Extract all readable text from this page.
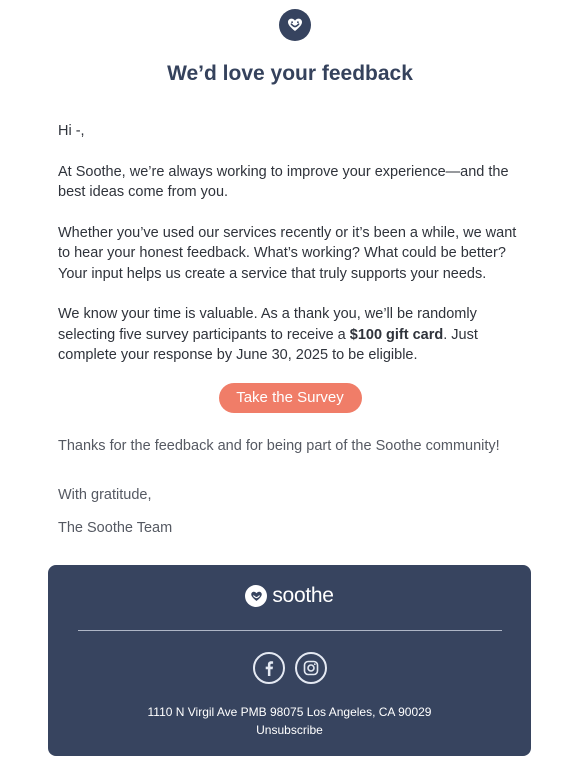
We’d love your feedback

Hi -,

At Soothe, we’re always working to improve your experience—and the best ideas come from you.

Whether you’ve used our services recently or it’s been a while, we want to hear your honest feedback. What’s working? What could be better? Your input helps us create a service that truly supports your needs.

We know your time is valuable. As a thank you, we’ll be randomly selecting five survey participants to receive a $100 gift card. Just complete your response by June 30, 2025 to be eligible.

Take the Survey

Thanks for the feedback and for being part of the Soothe community!

With gratitude,

The Soothe Team

soothe

1110 N Virgil Ave PMB 98075 Los Angeles, CA 90029

Unsubscribe
